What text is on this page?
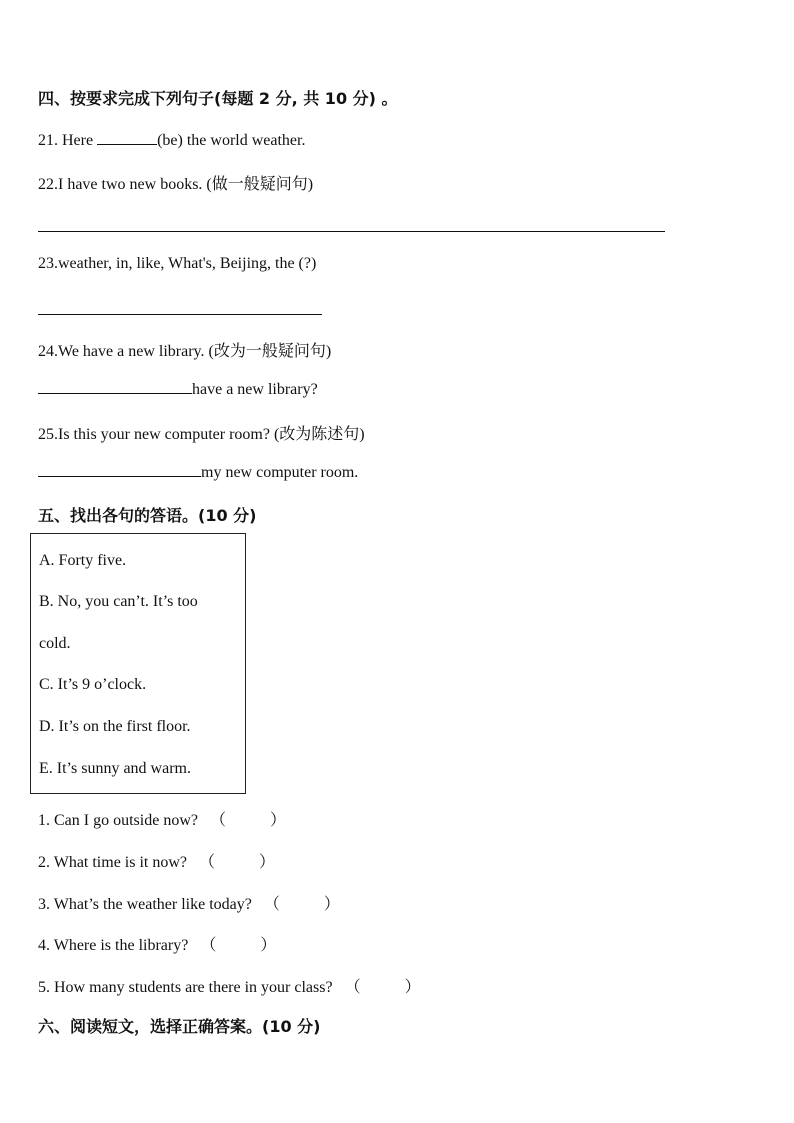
四、按要求完成下列句子(每题 2 分, 共 10 分) 。
21. Here	(be) the world weather.
22.I have two new books. (做一般疑问句)
23.weather, in, like, What's, Beijing, the (?)
24.We have a new library. (改为一般疑问句)
have a new library?
25.Is this your new computer room? (改为陈述句)
my new computer room.
五、找出各句的答语。(10 分)
A. Forty five.
B. No, you can’t. It’s too
cold.
C. It’s 9 o’clock.
D. It’s on the first floor.
E. It’s sunny and warm.
1. Can I go outside now? （	）
2. What time is it now? （	）
3. What’s the weather like today? （	）
4. Where is the library? （	）
5. How many students are there in your class? （	）
六、阅读短文，选择正确答案。(10 分)
